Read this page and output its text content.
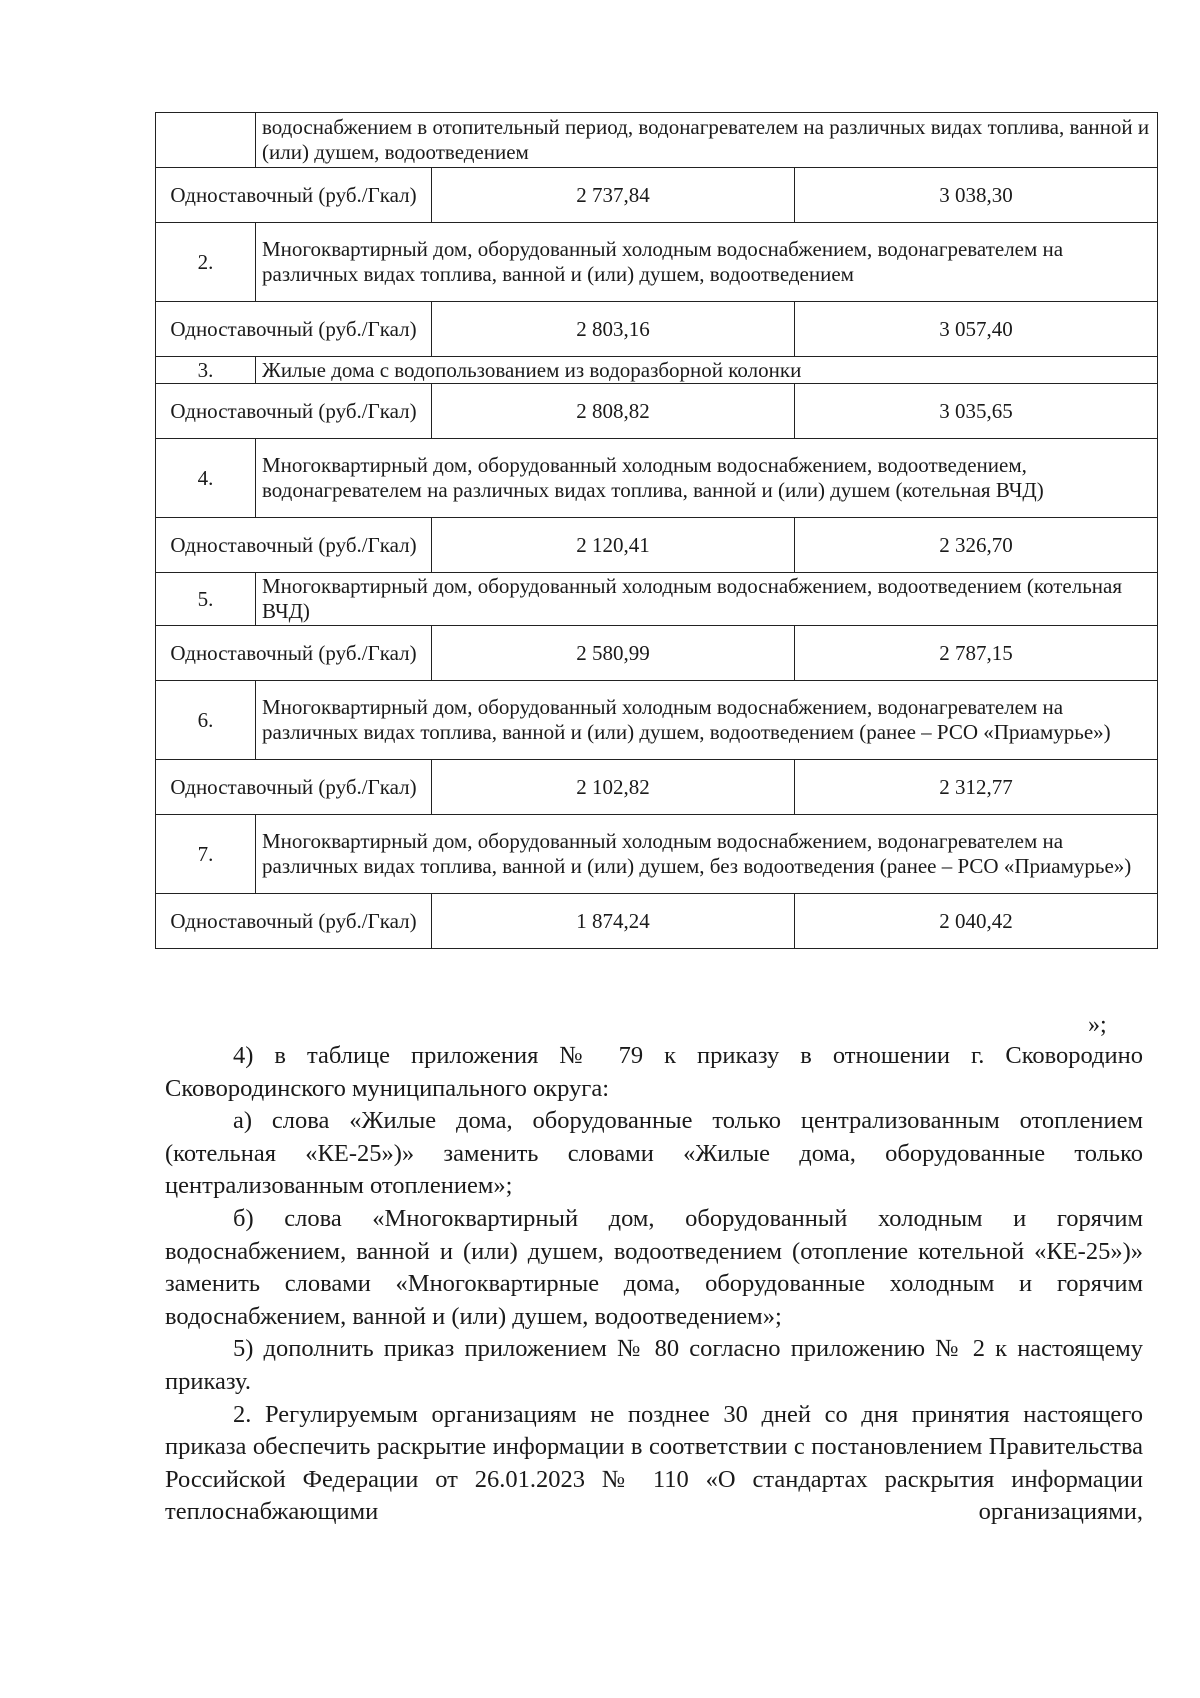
	водоснабжением в отопительный период, водонагревателем на различных видах топлива, ванной и (или) душем, водоотведением		
Одноставочный (руб./Гкал)		2 737,84	3 038,30
2.	Многоквартирный дом, оборудованный холодным водоснабжением, водонагревателем на различных видах топлива, ванной и (или) душем, водоотведением		
Одноставочный (руб./Гкал)		2 803,16	3 057,40
3.	Жилые дома с водопользованием из водоразборной колонки		
Одноставочный (руб./Гкал)		2 808,82	3 035,65
4.	Многоквартирный дом, оборудованный холодным водоснабжением, водоотведением, водонагревателем на различных видах топлива, ванной и (или) душем (котельная ВЧД)		
Одноставочный (руб./Гкал)		2 120,41	2 326,70
5.	Многоквартирный дом, оборудованный холодным водоснабжением, водоотведением (котельная ВЧД)		
Одноставочный (руб./Гкал)		2 580,99	2 787,15
6.	Многоквартирный дом, оборудованный холодным водоснабжением, водонагревателем на различных видах топлива, ванной и (или) душем, водоотведением (ранее – РСО «Приамурье»)		
Одноставочный (руб./Гкал)		2 102,82	2 312,77
7.	Многоквартирный дом, оборудованный холодным водоснабжением, водонагревателем на различных видах топлива, ванной и (или) душем, без водоотведения (ранее – РСО «Приамурье»)		
Одноставочный (руб./Гкал)		1 874,24	2 040,42
»;

4) в таблице приложения № 79 к приказу в отношении г. Сковородино Сковородинского муниципального округа:

а) слова «Жилые дома, оборудованные только централизованным отоплением (котельная «КЕ-25»)» заменить словами «Жилые дома, оборудованные только централизованным отоплением»;

б) слова «Многоквартирный дом, оборудованный холодным и горячим водоснабжением, ванной и (или) душем, водоотведением (отопление котельной «КЕ-25»)» заменить словами «Многоквартирные дома, оборудованные холодным и горячим водоснабжением, ванной и (или) душем, водоотведением»;

5) дополнить приказ приложением № 80 согласно приложению № 2 к настоящему приказу.

2. Регулируемым организациям не позднее 30 дней со дня принятия настоящего приказа обеспечить раскрытие информации в соответствии с постановлением Правительства Российской Федерации от 26.01.2023 № 110 «О стандартах раскрытия информации теплоснабжающими организациями,
